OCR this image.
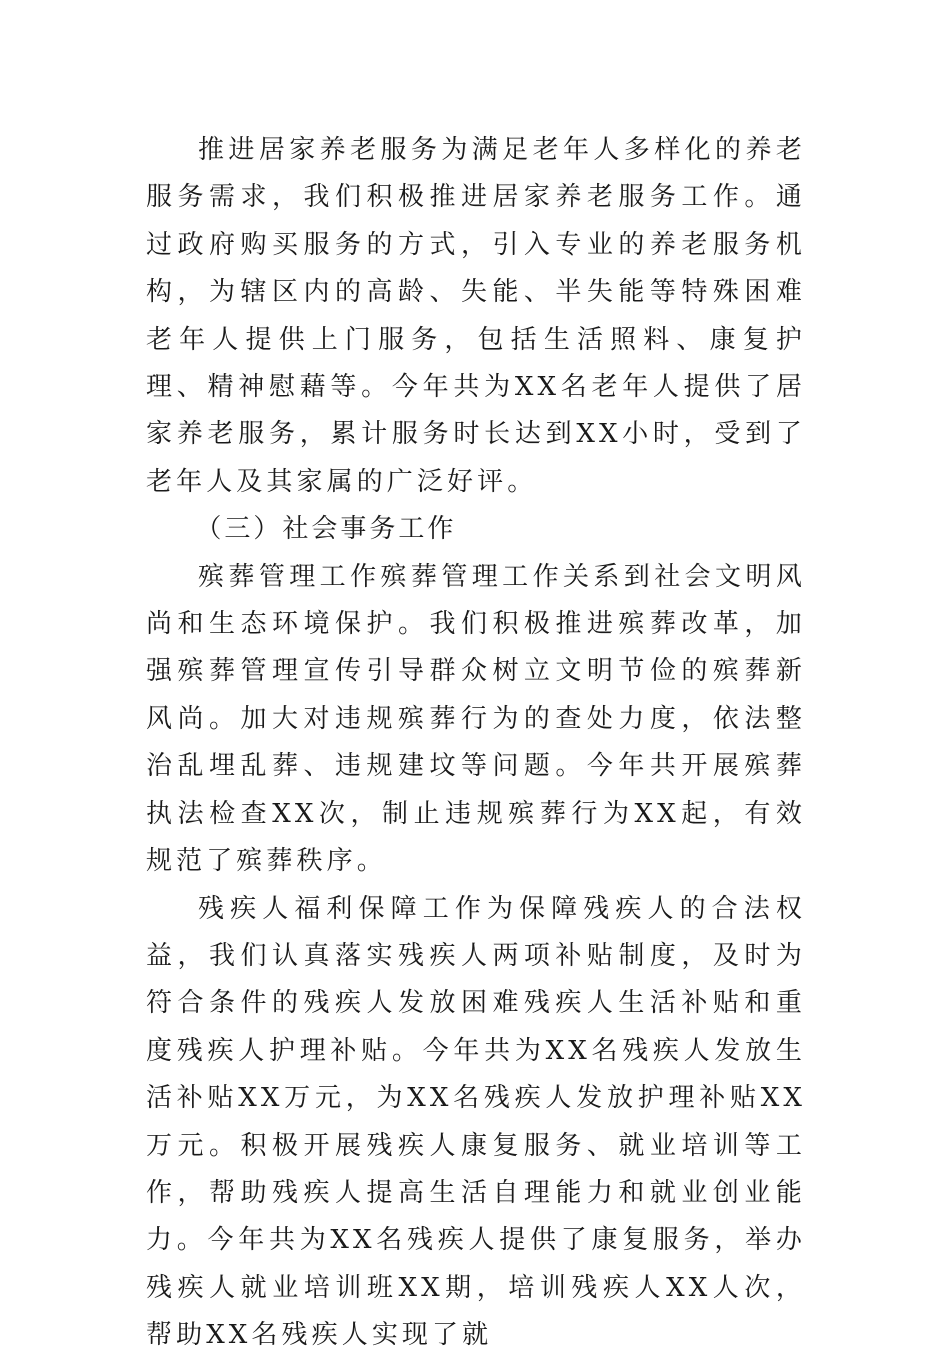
推进居家养老服务为满足老年人多样化的养老服务需求，我们积极推进居家养老服务工作。通过政府购买服务的方式，引入专业的养老服务机构，为辖区内的高龄、失能、半失能等特殊困难老年人提供上门服务，包括生活照料、康复护理、精神慰藉等。今年共为XX名老年人提供了居家养老服务，累计服务时长达到XX小时，受到了老年人及其家属的广泛好评。

（三）社会事务工作

殡葬管理工作殡葬管理工作关系到社会文明风尚和生态环境保护。我们积极推进殡葬改革，加强殡葬管理宣传引导群众树立文明节俭的殡葬新风尚。加大对违规殡葬行为的查处力度，依法整治乱埋乱葬、违规建坟等问题。今年共开展殡葬执法检查XX次，制止违规殡葬行为XX起，有效规范了殡葬秩序。

残疾人福利保障工作为保障残疾人的合法权益，我们认真落实残疾人两项补贴制度，及时为符合条件的残疾人发放困难残疾人生活补贴和重度残疾人护理补贴。今年共为XX名残疾人发放生活补贴XX万元，为XX名残疾人发放护理补贴XX万元。积极开展残疾人康复服务、就业培训等工作，帮助残疾人提高生活自理能力和就业创业能力。今年共为XX名残疾人提供了康复服务，举办残疾人就业培训班XX期，培训残疾人XX人次，帮助XX名残疾人实现了就
